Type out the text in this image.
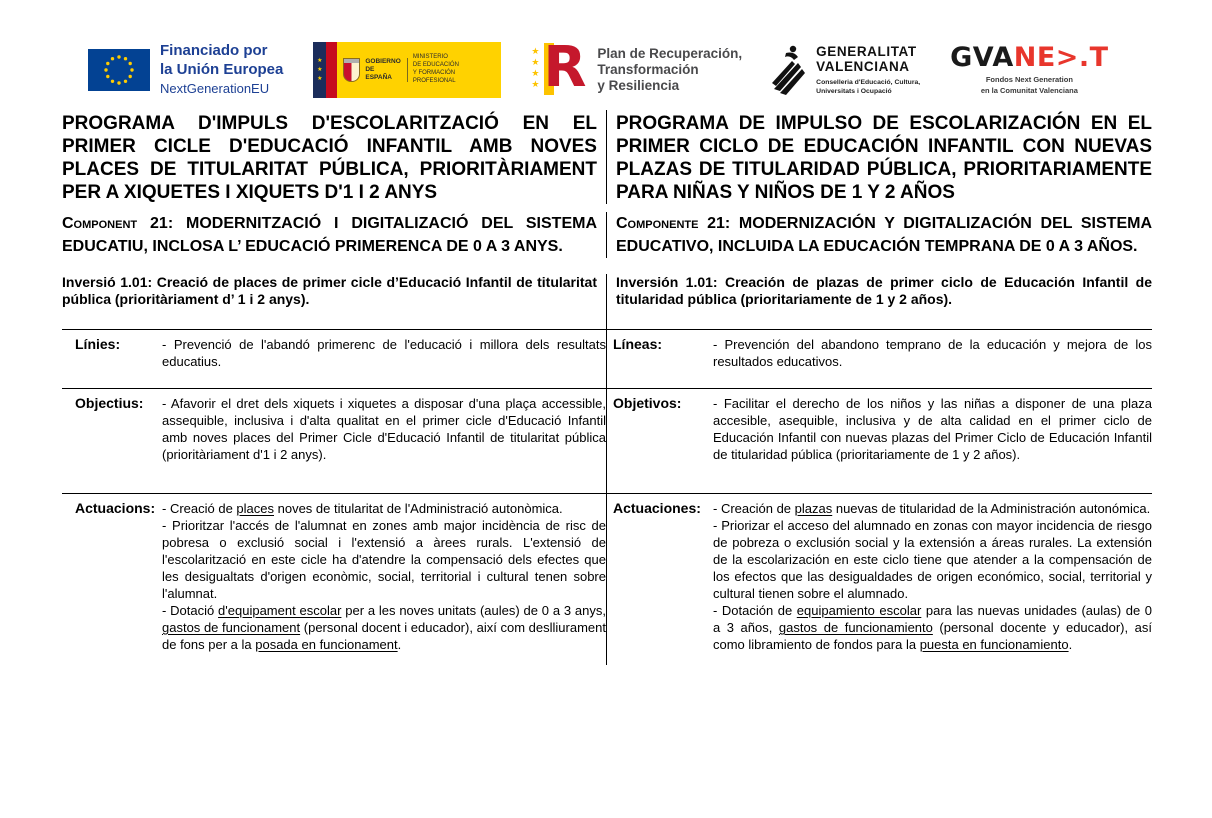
Financiado por
la Unión Europea
NextGenerationEU
★
★
★
GOBIERNO
DE ESPAÑA
MINISTERIO
DE EDUCACIÓN
Y FORMACIÓN PROFESIONAL
★
★
★
★ R Plan de Recuperación,
Transformación
y Resiliencia
GENERALITAT
VALENCIANA
Conselleria d'Educació, Cultura,
Universitats i Ocupació
GVANE>.T
Fondos Next Generation
en la Comunitat Valenciana
PROGRAMA D'IMPULS D'ESCOLARITZACIÓ EN EL PRIMER CICLE D'EDUCACIÓ INFANTIL AMB NOVES PLACES DE TITULARITAT PÚBLICA, PRIORITÀRIAMENT PER A XIQUETES I XIQUETS D'1 I 2 ANYS
PROGRAMA DE IMPULSO DE ESCOLARIZACIÓN EN EL PRIMER CICLO DE EDUCACIÓN INFANTIL CON NUEVAS PLAZAS DE TITULARIDAD PÚBLICA, PRIORITARIAMENTE PARA NIÑAS Y NIÑOS DE 1 Y 2 AÑOS
Component 21: MODERNITZACIÓ I DIGITALIZACIÓ DEL SISTEMA EDUCATIU, INCLOSA L’ EDUCACIÓ PRIMERENCA DE 0 A 3 ANYS.
Componente 21: MODERNIZACIÓN Y DIGITALIZACIÓN DEL SISTEMA EDUCATIVO, INCLUIDA LA EDUCACIÓN TEMPRANA DE 0 A 3 AÑOS.
Inversió 1.01: Creació de places de primer cicle d’Educació Infantil de titularitat pública (prioritàriament d’ 1 i 2 anys).
Inversión 1.01: Creación de plazas de primer ciclo de Educación Infantil de titularidad pública (prioritariamente de 1 y 2 años).
Línies:	- Prevenció de l'abandó primerenc de l'educació i millora dels resultats educatius.
Líneas:	- Prevención del abandono temprano de la educación y mejora de los resultados educativos.
Objectius:	- Afavorir el dret dels xiquets i xiquetes a disposar d'una plaça accessible, assequible, inclusiva i d'alta qualitat en el primer cicle d'Educació Infantil amb noves places del Primer Cicle d'Educació Infantil de titularitat pública (prioritàriament d'1 i 2 anys).
Objetivos:	- Facilitar el derecho de los niños y las niñas a disponer de una plaza accesible, asequible, inclusiva y de alta calidad en el primer ciclo de Educación Infantil con nuevas plazas del Primer Ciclo de Educación Infantil de titularidad pública (prioritariamente de 1 y 2 años).
Actuacions: - Creació de places noves de titularitat de l'Administració autonòmica.
- Prioritzar l'accés de l'alumnat en zones amb major incidència de risc de pobresa o exclusió social i l'extensió a àrees rurals. L'extensió de l'escolarització en este cicle ha d'atendre la compensació dels efectes que les desigualtats d'origen econòmic, social, territorial i cultural tenen sobre l'alumnat.
- Dotació d'equipament escolar per a les noves unitats (aules) de 0 a 3 anys, gastos de funcionament (personal docent i educador), així com deslliurament de fons per a la posada en funcionament.
Actuaciones: - Creación de plazas nuevas de titularidad de la Administración autonómica.
- Priorizar el acceso del alumnado en zonas con mayor incidencia de riesgo de pobreza o exclusión social y la extensión a áreas rurales. La extensión de la escolarización en este ciclo tiene que atender a la compensación de los efectos que las desigualdades de origen económico, social, territorial y cultural tienen sobre el alumnado.
- Dotación de equipamiento escolar para las nuevas unidades (aulas) de 0 a 3 años, gastos de funcionamiento (personal docente y educador), así como libramiento de fondos para la puesta en funcionamiento.
